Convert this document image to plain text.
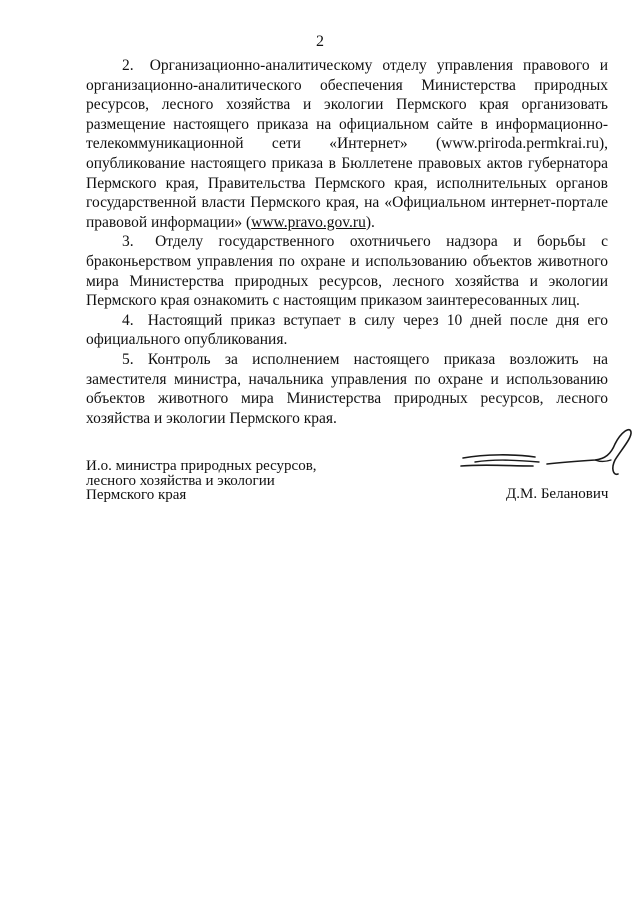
2

2. Организационно-аналитическому отделу управления правового и организационно-аналитического обеспечения Министерства природных ресурсов, лесного хозяйства и экологии Пермского края организовать размещение настоящего приказа на официальном сайте в информационно-телекоммуникационной сети «Интернет» (www.priroda.permkrai.ru), опубликование настоящего приказа в Бюллетене правовых актов губернатора Пермского края, Правительства Пермского края, исполнительных органов государственной власти Пермского края, на «Официальном интернет-портале правовой информации» (www.pravo.gov.ru).

3. Отделу государственного охотничьего надзора и борьбы с браконьерством управления по охране и использованию объектов животного мира Министерства природных ресурсов, лесного хозяйства и экологии Пермского края ознакомить с настоящим приказом заинтересованных лиц.

4. Настоящий приказ вступает в силу через 10 дней после дня его официального опубликования.

5. Контроль за исполнением настоящего приказа возложить на заместителя министра, начальника управления по охране и использованию объектов животного мира Министерства природных ресурсов, лесного хозяйства и экологии Пермского края.

И.о. министра природных ресурсов,
лесного хозяйства и экологии
Пермского края	Д.М. Беланович
